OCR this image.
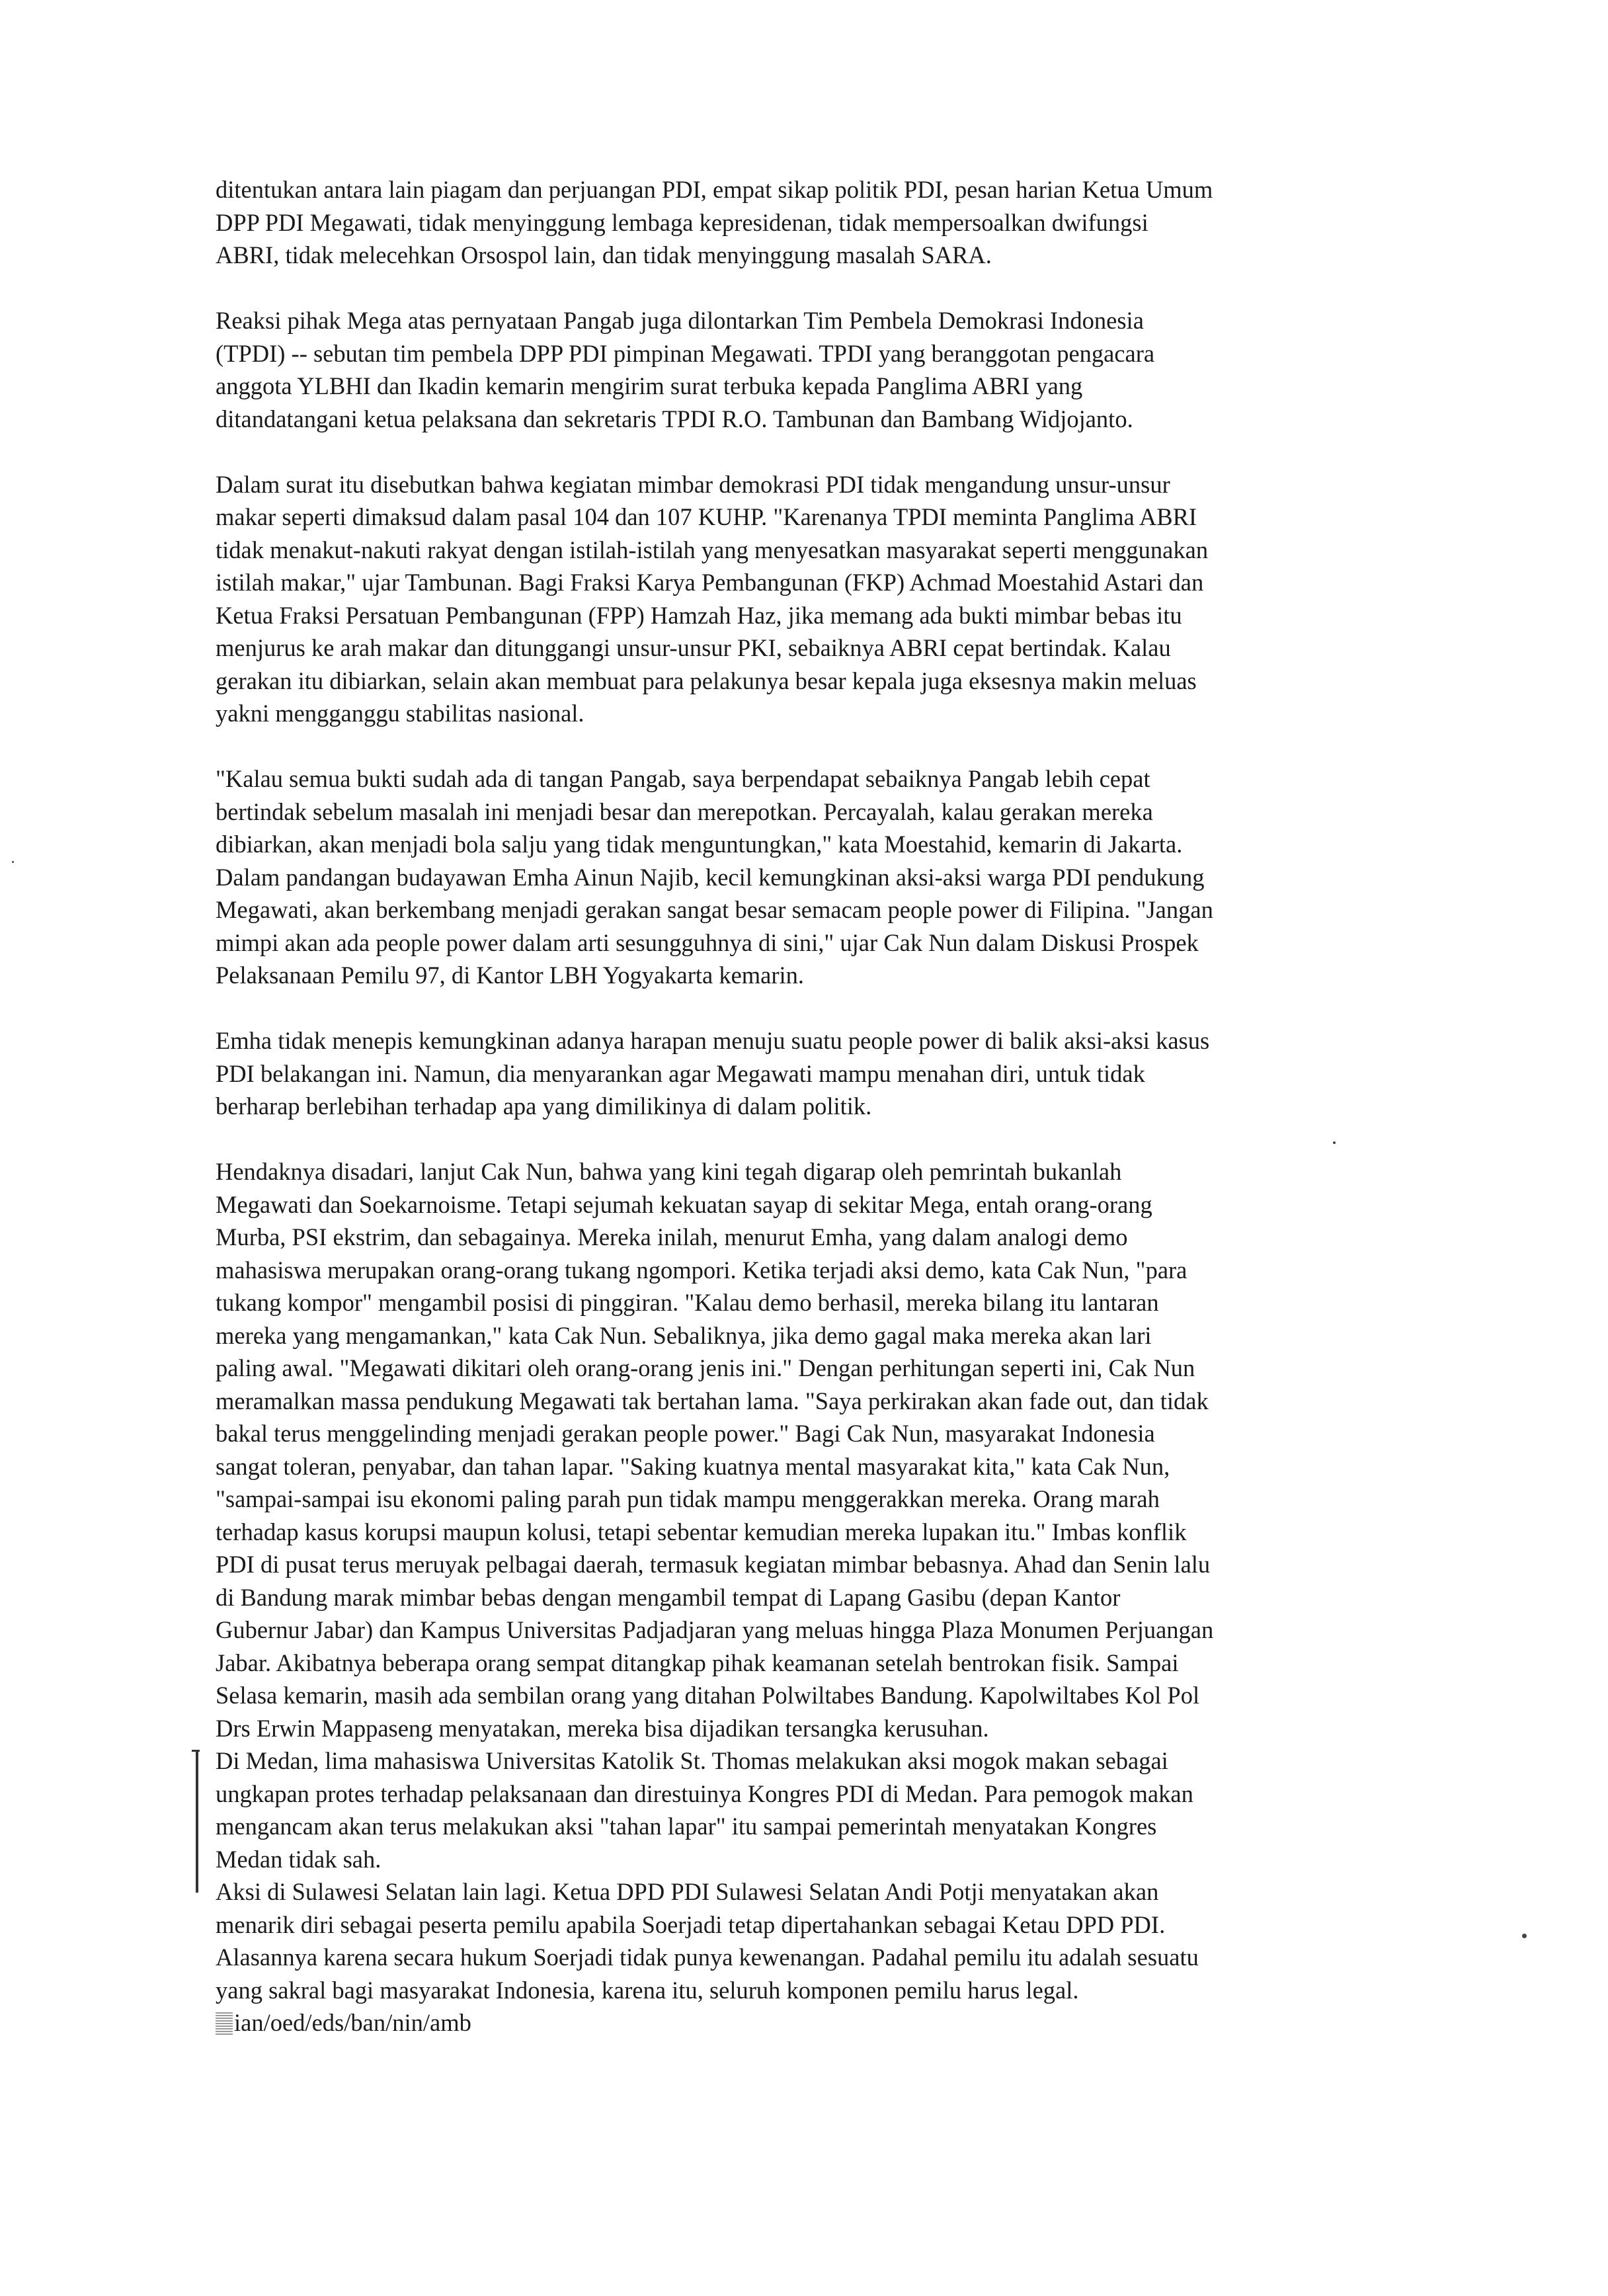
ditentukan antara lain piagam dan perjuangan PDI, empat sikap politik PDI, pesan harian Ketua Umum
DPP PDI Megawati, tidak menyinggung lembaga kepresidenan, tidak mempersoalkan dwifungsi
ABRI, tidak melecehkan Orsospol lain, dan tidak menyinggung masalah SARA.

Reaksi pihak Mega atas pernyataan Pangab juga dilontarkan Tim Pembela Demokrasi Indonesia
(TPDI) -- sebutan tim pembela DPP PDI pimpinan Megawati. TPDI yang beranggotan pengacara
anggota YLBHI dan Ikadin kemarin mengirim surat terbuka kepada Panglima ABRI yang
ditandatangani ketua pelaksana dan sekretaris TPDI R.O. Tambunan dan Bambang Widjojanto.

Dalam surat itu disebutkan bahwa kegiatan mimbar demokrasi PDI tidak mengandung unsur-unsur
makar seperti dimaksud dalam pasal 104 dan 107 KUHP. "Karenanya TPDI meminta Panglima ABRI
tidak menakut-nakuti rakyat dengan istilah-istilah yang menyesatkan masyarakat seperti menggunakan
istilah makar," ujar Tambunan. Bagi Fraksi Karya Pembangunan (FKP) Achmad Moestahid Astari dan
Ketua Fraksi Persatuan Pembangunan (FPP) Hamzah Haz, jika memang ada bukti mimbar bebas itu
menjurus ke arah makar dan ditunggangi unsur-unsur PKI, sebaiknya ABRI cepat bertindak. Kalau
gerakan itu dibiarkan, selain akan membuat para pelakunya besar kepala juga eksesnya makin meluas
yakni mengganggu stabilitas nasional.

"Kalau semua bukti sudah ada di tangan Pangab, saya berpendapat sebaiknya Pangab lebih cepat
bertindak sebelum masalah ini menjadi besar dan merepotkan. Percayalah, kalau gerakan mereka
dibiarkan, akan menjadi bola salju yang tidak menguntungkan," kata Moestahid, kemarin di Jakarta.
Dalam pandangan budayawan Emha Ainun Najib, kecil kemungkinan aksi-aksi warga PDI pendukung
Megawati, akan berkembang menjadi gerakan sangat besar semacam people power di Filipina. "Jangan
mimpi akan ada people power dalam arti sesungguhnya di sini," ujar Cak Nun dalam Diskusi Prospek
Pelaksanaan Pemilu 97, di Kantor LBH Yogyakarta kemarin.

Emha tidak menepis kemungkinan adanya harapan menuju suatu people power di balik aksi-aksi kasus
PDI belakangan ini. Namun, dia menyarankan agar Megawati mampu menahan diri, untuk tidak
berharap berlebihan terhadap apa yang dimilikinya di dalam politik.

Hendaknya disadari, lanjut Cak Nun, bahwa yang kini tegah digarap oleh pemrintah bukanlah
Megawati dan Soekarnoisme. Tetapi sejumah kekuatan sayap di sekitar Mega, entah orang-orang
Murba, PSI ekstrim, dan sebagainya. Mereka inilah, menurut Emha, yang dalam analogi demo
mahasiswa merupakan orang-orang tukang ngompori. Ketika terjadi aksi demo, kata Cak Nun, "para
tukang kompor" mengambil posisi di pinggiran. "Kalau demo berhasil, mereka bilang itu lantaran
mereka yang mengamankan," kata Cak Nun. Sebaliknya, jika demo gagal maka mereka akan lari
paling awal. "Megawati dikitari oleh orang-orang jenis ini." Dengan perhitungan seperti ini, Cak Nun
meramalkan massa pendukung Megawati tak bertahan lama. "Saya perkirakan akan fade out, dan tidak
bakal terus menggelinding menjadi gerakan people power." Bagi Cak Nun, masyarakat Indonesia
sangat toleran, penyabar, dan tahan lapar. "Saking kuatnya mental masyarakat kita," kata Cak Nun,
"sampai-sampai isu ekonomi paling parah pun tidak mampu menggerakkan mereka. Orang marah
terhadap kasus korupsi maupun kolusi, tetapi sebentar kemudian mereka lupakan itu." Imbas konflik
PDI di pusat terus meruyak pelbagai daerah, termasuk kegiatan mimbar bebasnya. Ahad dan Senin lalu
di Bandung marak mimbar bebas dengan mengambil tempat di Lapang Gasibu (depan Kantor
Gubernur Jabar) dan Kampus Universitas Padjadjaran yang meluas hingga Plaza Monumen Perjuangan
Jabar. Akibatnya beberapa orang sempat ditangkap pihak keamanan setelah bentrokan fisik. Sampai
Selasa kemarin, masih ada sembilan orang yang ditahan Polwiltabes Bandung. Kapolwiltabes Kol Pol
Drs Erwin Mappaseng menyatakan, mereka bisa dijadikan tersangka kerusuhan.

Di Medan, lima mahasiswa Universitas Katolik St. Thomas melakukan aksi mogok makan sebagai
ungkapan protes terhadap pelaksanaan dan direstuinya Kongres PDI di Medan. Para pemogok makan
mengancam akan terus melakukan aksi "tahan lapar" itu sampai pemerintah menyatakan Kongres
Medan tidak sah.

Aksi di Sulawesi Selatan lain lagi. Ketua DPD PDI Sulawesi Selatan Andi Potji menyatakan akan
menarik diri sebagai peserta pemilu apabila Soerjadi tetap dipertahankan sebagai Ketau DPD PDI.
Alasannya karena secara hukum Soerjadi tidak punya kewenangan. Padahal pemilu itu adalah sesuatu
yang sakral bagi masyarakat Indonesia, karena itu, seluruh komponen pemilu harus legal.
ian/oed/eds/ban/nin/amb
